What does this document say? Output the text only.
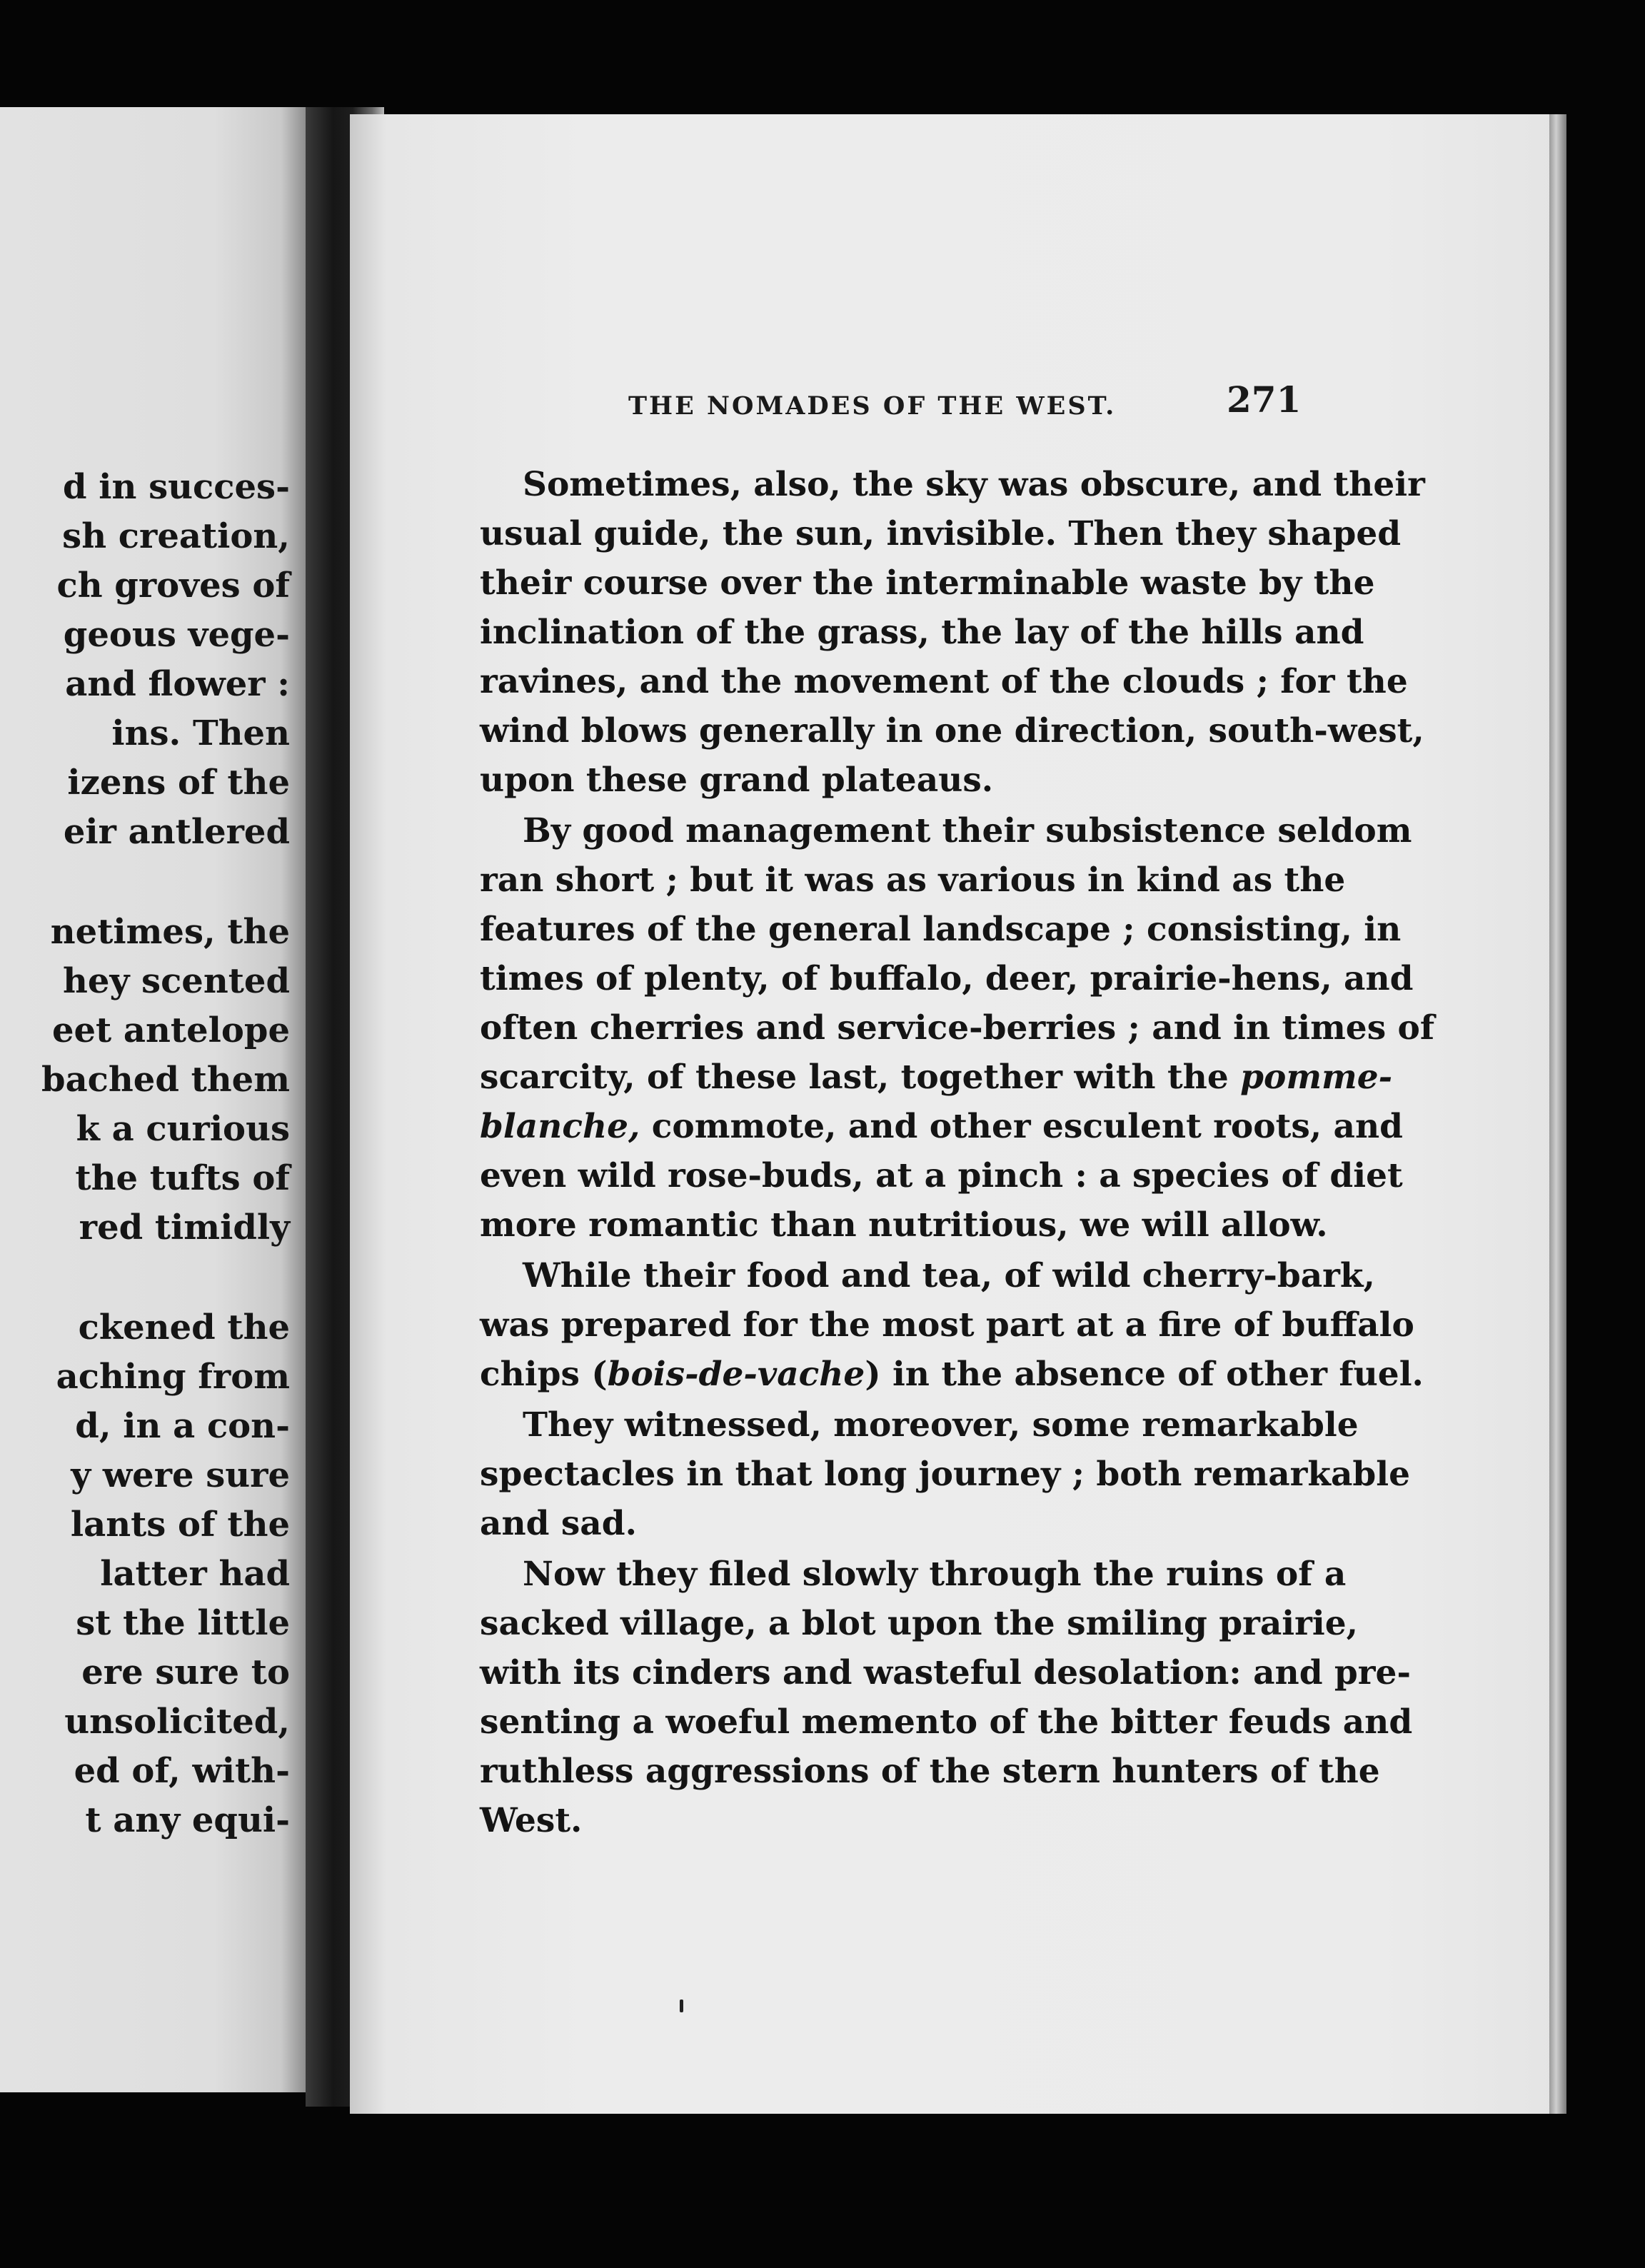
d in succes-

sh creation,

ch groves of

geous vege-

and flower :

ins. Then

izens of the

eir antlered

netimes, the

hey scented

eet antelope

bached them

k a curious

the tufts of

red timidly

ckened the

aching from

d, in a con-

y were sure

lants of the

latter had

st the little

ere sure to

unsolicited,

ed of, with-

t any equi-

THE NOMADES OF THE WEST.	271

Sometimes, also, the sky was obscure, and their

usual guide, the sun, invisible. Then they shaped

their course over the interminable waste by the

inclination of the grass, the lay of the hills and

ravines, and the movement of the clouds ; for the

wind blows generally in one direction, south-west,

upon these grand plateaus.

By good management their subsistence seldom

ran short ; but it was as various in kind as the

features of the general landscape ; consisting, in

times of plenty, of buffalo, deer, prairie-hens, and

often cherries and service-berries ; and in times of

scarcity, of these last, together with the pomme-

blanche, commote, and other esculent roots, and

even wild rose-buds, at a pinch : a species of diet

more romantic than nutritious, we will allow.

While their food and tea, of wild cherry-bark,

was prepared for the most part at a fire of buffalo

chips (bois-de-vache) in the absence of other fuel.

They witnessed, moreover, some remarkable

spectacles in that long journey ; both remarkable

and sad.

Now they filed slowly through the ruins of a

sacked village, a blot upon the smiling prairie,

with its cinders and wasteful desolation: and pre-

senting a woeful memento of the bitter feuds and

ruthless aggressions of the stern hunters of the

West.
